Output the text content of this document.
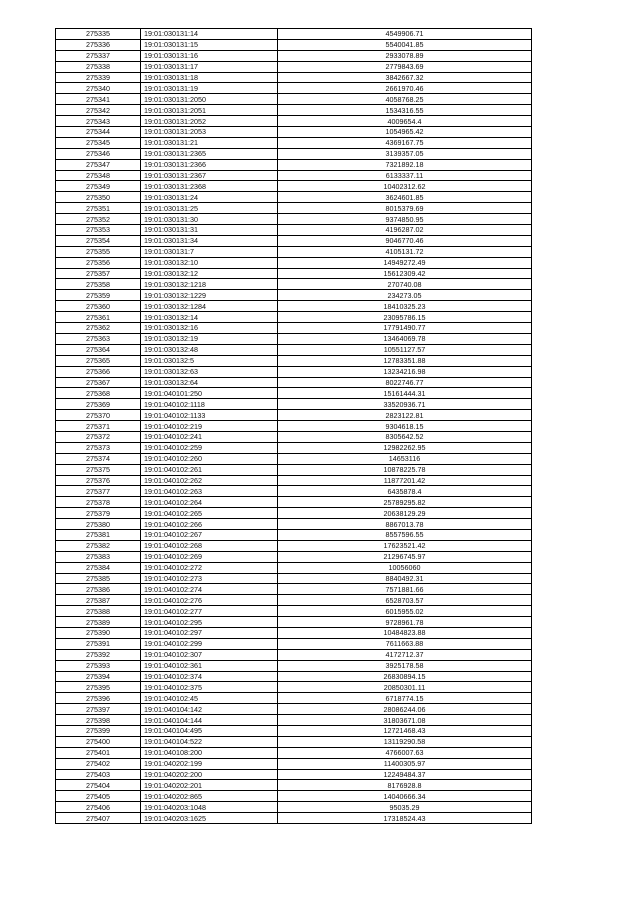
275335	19:01:030131:14	4549906.71
275336	19:01:030131:15	5540041.85
275337	19:01:030131:16	2933078.89
275338	19:01:030131:17	2779843.69
275339	19:01:030131:18	3842667.32
275340	19:01:030131:19	2661970.46
275341	19:01:030131:2050	4058768.25
275342	19:01:030131:2051	1534316.55
275343	19:01:030131:2052	4009654.4
275344	19:01:030131:2053	1054965.42
275345	19:01:030131:21	4369167.75
275346	19:01:030131:2365	3139357.05
275347	19:01:030131:2366	7321892.18
275348	19:01:030131:2367	6133337.11
275349	19:01:030131:2368	10402312.62
275350	19:01:030131:24	3624601.85
275351	19:01:030131:25	8015379.69
275352	19:01:030131:30	9374850.95
275353	19:01:030131:31	4196287.02
275354	19:01:030131:34	9046770.46
275355	19:01:030131:7	4105131.72
275356	19:01:030132:10	14949272.49
275357	19:01:030132:12	15612309.42
275358	19:01:030132:1218	270740.08
275359	19:01:030132:1229	234273.05
275360	19:01:030132:1284	18410325.23
275361	19:01:030132:14	23095786.15
275362	19:01:030132:16	17791490.77
275363	19:01:030132:19	13464069.78
275364	19:01:030132:48	10551127.57
275365	19:01:030132:5	12783351.88
275366	19:01:030132:63	13234216.98
275367	19:01:030132:64	8022746.77
275368	19:01:040101:250	15161444.31
275369	19:01:040102:1118	33520936.71
275370	19:01:040102:1133	2823122.81
275371	19:01:040102:219	9304618.15
275372	19:01:040102:241	8305642.52
275373	19:01:040102:259	12982262.95
275374	19:01:040102:260	14653116
275375	19:01:040102:261	10878225.78
275376	19:01:040102:262	11877201.42
275377	19:01:040102:263	6435878.4
275378	19:01:040102:264	25789295.82
275379	19:01:040102:265	20638129.29
275380	19:01:040102:266	8867013.78
275381	19:01:040102:267	8557596.55
275382	19:01:040102:268	17623521.42
275383	19:01:040102:269	21296745.97
275384	19:01:040102:272	10056060
275385	19:01:040102:273	8840492.31
275386	19:01:040102:274	7571881.66
275387	19:01:040102:276	6528703.57
275388	19:01:040102:277	6015955.02
275389	19:01:040102:295	9728961.78
275390	19:01:040102:297	10484823.88
275391	19:01:040102:299	7611663.88
275392	19:01:040102:307	4172712.37
275393	19:01:040102:361	3925178.58
275394	19:01:040102:374	26830894.15
275395	19:01:040102:375	20850301.11
275396	19:01:040102:45	6718774.15
275397	19:01:040104:142	28086244.06
275398	19:01:040104:144	31803671.08
275399	19:01:040104:495	12721468.43
275400	19:01:040104:522	13119290.58
275401	19:01:040108:200	4766007.63
275402	19:01:040202:199	11400305.97
275403	19:01:040202:200	12249484.37
275404	19:01:040202:201	8176928.8
275405	19:01:040202:865	14040666.34
275406	19:01:040203:1048	95035.29
275407	19:01:040203:1625	17318524.43
